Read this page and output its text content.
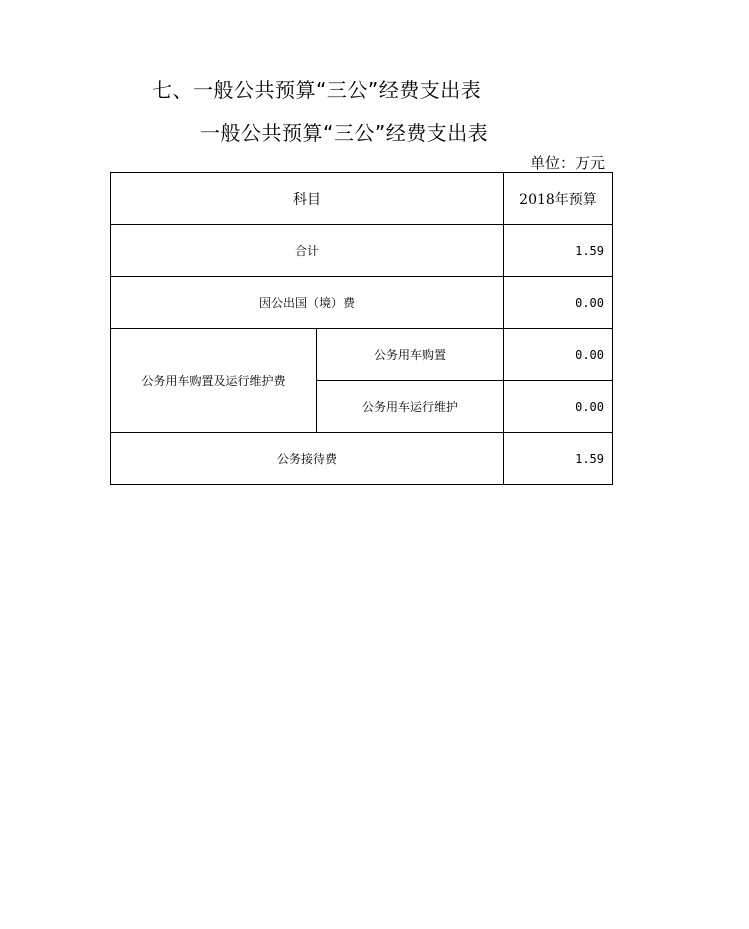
七、一般公共预算“三公”经费支出表
一般公共预算“三公”经费支出表
单位：万元
科目		2018年预算
合计		1.59
因公出国（境）费		0.00
公务用车购置及运行维护费	公务用车购置	0.00
	公务用车运行维护	0.00
公务接待费		1.59
